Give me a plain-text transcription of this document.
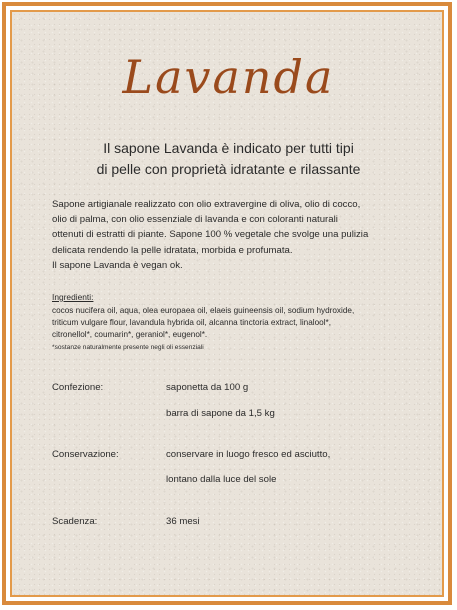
Lavanda
Il sapone Lavanda è indicato per tutti tipi
di pelle con proprietà idratante e rilassante

Sapone artigianale realizzato con olio extravergine di oliva, olio di cocco,

olio di palma, con olio essenziale di lavanda e con coloranti naturali

ottenuti di estratti di piante. Sapone 100 % vegetale che svolge una pulizia

delicata rendendo la pelle idratata, morbida e profumata.

Il sapone Lavanda è vegan ok.

Ingredienti:
cocos nucifera oil, aqua, olea europaea oil, elaeis guineensis oil, sodium hydroxide,
triticum vulgare flour, lavandula hybrida oil, alcanna tinctoria extract, linalool*,
citronellol*, coumarin*, geraniol*, eugenol*.
*sostanze naturalmente presente negli oli essenziali
Confezione:	saponetta da 100 g
barra di sapone da 1,5 kg
Conservazione:	conservare in luogo fresco ed asciutto,
lontano dalla luce del sole
Scadenza:	36 mesi
